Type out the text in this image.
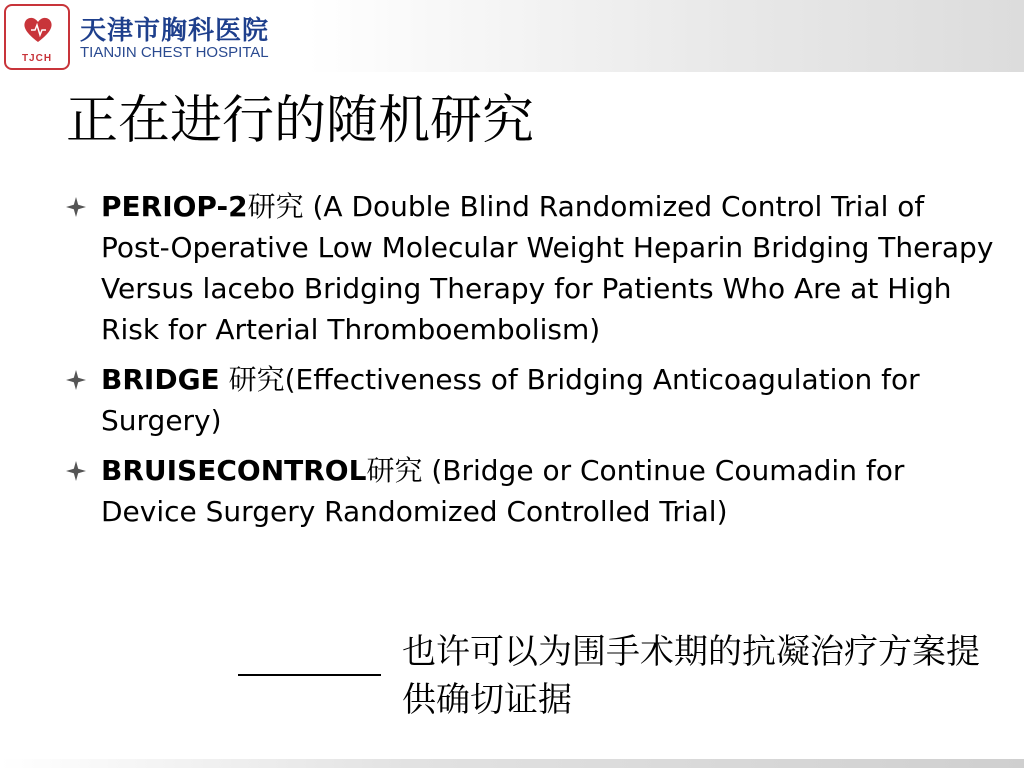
TJCH
天津市胸科医院
TIANJIN CHEST HOSPITAL
正在进行的随机研究
PERIOP-2研究 (A Double Blind Randomized Control Trial of Post-Operative Low Molecular Weight Heparin Bridging Therapy Versus lacebo Bridging Therapy for Patients Who Are at High Risk for Arterial Thromboembolism)
BRIDGE 研究(Effectiveness of Bridging Anticoagulation for Surgery)
BRUISECONTROL研究 (Bridge or Continue Coumadin for Device Surgery Randomized Controlled Trial)
也许可以为围手术期的抗凝治疗方案提供确切证据
